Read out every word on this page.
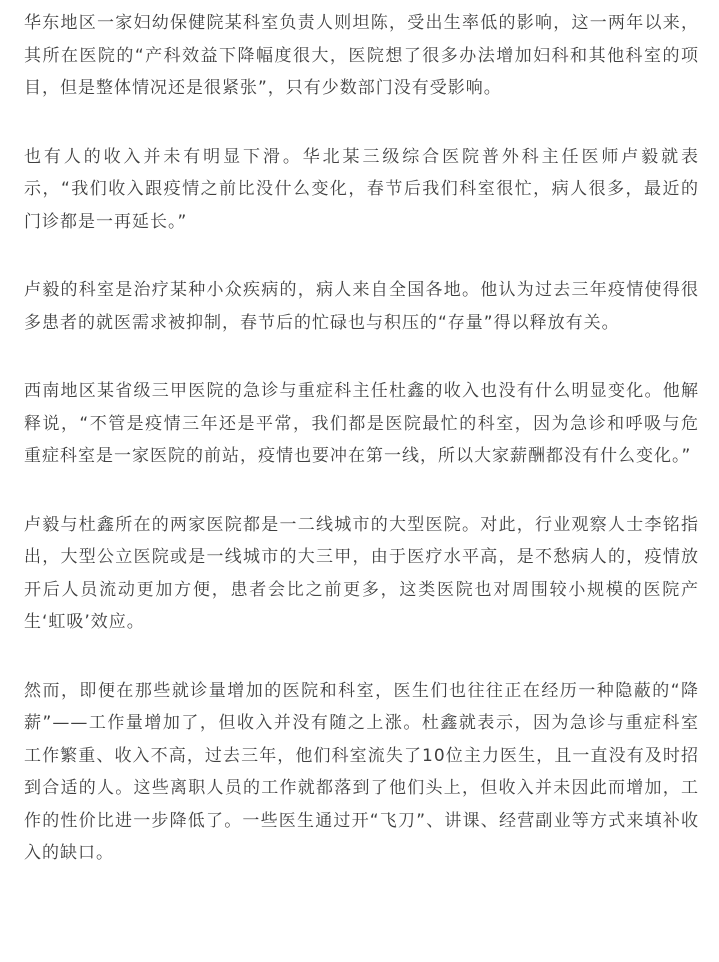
华东地区一家妇幼保健院某科室负责人则坦陈，受出生率低的影响，这一两年以来，其所在医院的“产科效益下降幅度很大，医院想了很多办法增加妇科和其他科室的项目，但是整体情况还是很紧张”，只有少数部门没有受影响。

也有人的收入并未有明显下滑。华北某三级综合医院普外科主任医师卢毅就表示，“我们收入跟疫情之前比没什么变化，春节后我们科室很忙，病人很多，最近的门诊都是一再延长。”

卢毅的科室是治疗某种小众疾病的，病人来自全国各地。他认为过去三年疫情使得很多患者的就医需求被抑制，春节后的忙碌也与积压的“存量”得以释放有关。

西南地区某省级三甲医院的急诊与重症科主任杜鑫的收入也没有什么明显变化。他解释说，“不管是疫情三年还是平常，我们都是医院最忙的科室，因为急诊和呼吸与危重症科室是一家医院的前站，疫情也要冲在第一线，所以大家薪酬都没有什么变化。”

卢毅与杜鑫所在的两家医院都是一二线城市的大型医院。对此，行业观察人士李铭指出，大型公立医院或是一线城市的大三甲，由于医疗水平高，是不愁病人的，疫情放开后人员流动更加方便，患者会比之前更多，这类医院也对周围较小规模的医院产生‘虹吸’效应。

然而，即便在那些就诊量增加的医院和科室，医生们也往往正在经历一种隐蔽的“降薪”——工作量增加了，但收入并没有随之上涨。杜鑫就表示，因为急诊与重症科室工作繁重、收入不高，过去三年，他们科室流失了10位主力医生，且一直没有及时招到合适的人。这些离职人员的工作就都落到了他们头上，但收入并未因此而增加，工作的性价比进一步降低了。一些医生通过开“飞刀”、讲课、经营副业等方式来填补收入的缺口。
